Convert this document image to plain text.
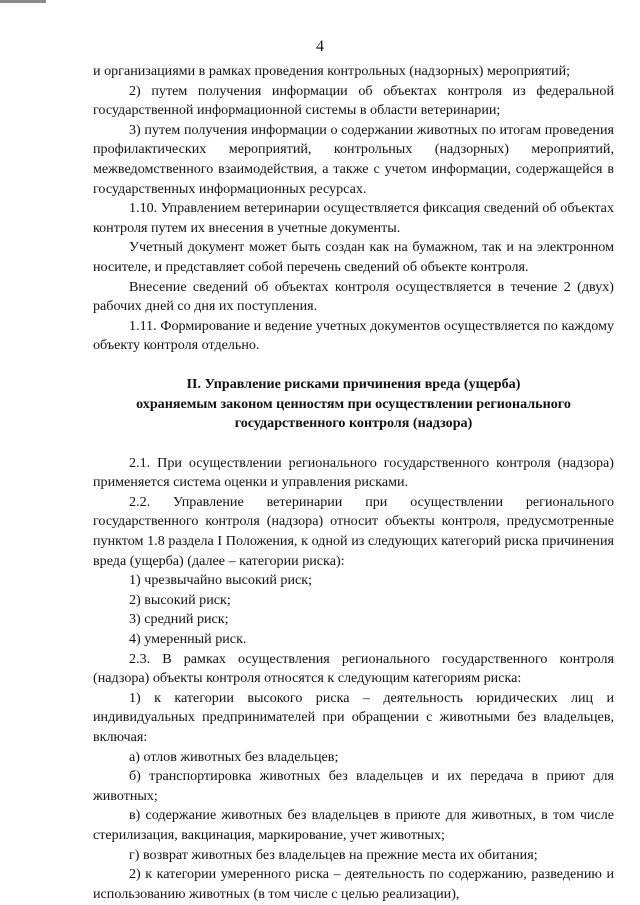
4

и организациями в рамках проведения контрольных (надзорных) мероприятий;

2) путем получения информации об объектах контроля из федеральной государственной информационной системы в области ветеринарии;

3) путем получения информации о содержании животных по итогам проведения профилактических мероприятий, контрольных (надзорных) мероприятий, межведомственного взаимодействия, а также с учетом информации, содержащейся в государственных информационных ресурсах.

1.10. Управлением ветеринарии осуществляется фиксация сведений об объектах контроля путем их внесения в учетные документы.

Учетный документ может быть создан как на бумажном, так и на электронном носителе, и представляет собой перечень сведений об объекте контроля.

Внесение сведений об объектах контроля осуществляется в течение 2 (двух) рабочих дней со дня их поступления.

1.11. Формирование и ведение учетных документов осуществляется по каждому объекту контроля отдельно.

II. Управление рисками причинения вреда (ущерба)
охраняемым законом ценностям при осуществлении регионального
государственного контроля (надзора)

2.1. При осуществлении регионального государственного контроля (надзора) применяется система оценки и управления рисками.

2.2. Управление ветеринарии при осуществлении регионального государственного контроля (надзора) относит объекты контроля, предусмотренные пунктом 1.8 раздела I Положения, к одной из следующих категорий риска причинения вреда (ущерба) (далее – категории риска):

1) чрезвычайно высокий риск;

2) высокий риск;

3) средний риск;

4) умеренный риск.

2.3. В рамках осуществления регионального государственного контроля (надзора) объекты контроля относятся к следующим категориям риска:

1) к категории высокого риска – деятельность юридических лиц и индивидуальных предпринимателей при обращении с животными без владельцев, включая:

а) отлов животных без владельцев;

б) транспортировка животных без владельцев и их передача в приют для животных;

в) содержание животных без владельцев в приюте для животных, в том числе стерилизация, вакцинация, маркирование, учет животных;

г) возврат животных без владельцев на прежние места их обитания;

2) к категории умеренного риска – деятельность по содержанию, разведению и использованию животных (в том числе с целью реализации),
